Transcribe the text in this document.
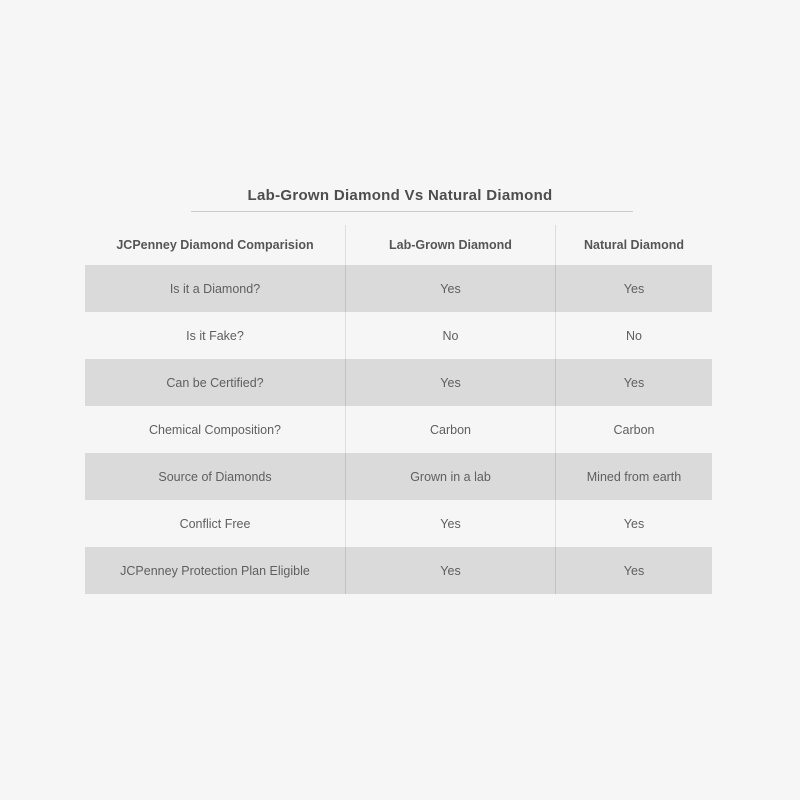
Lab-Grown Diamond Vs Natural Diamond
JCPenney Diamond Comparision	Lab-Grown Diamond	Natural Diamond
Is it a Diamond?	Yes	Yes
Is it Fake?	No	No
Can be Certified?	Yes	Yes
Chemical Composition?	Carbon	Carbon
Source of Diamonds	Grown in a lab	Mined from earth
Conflict Free	Yes	Yes
JCPenney Protection Plan Eligible	Yes	Yes
